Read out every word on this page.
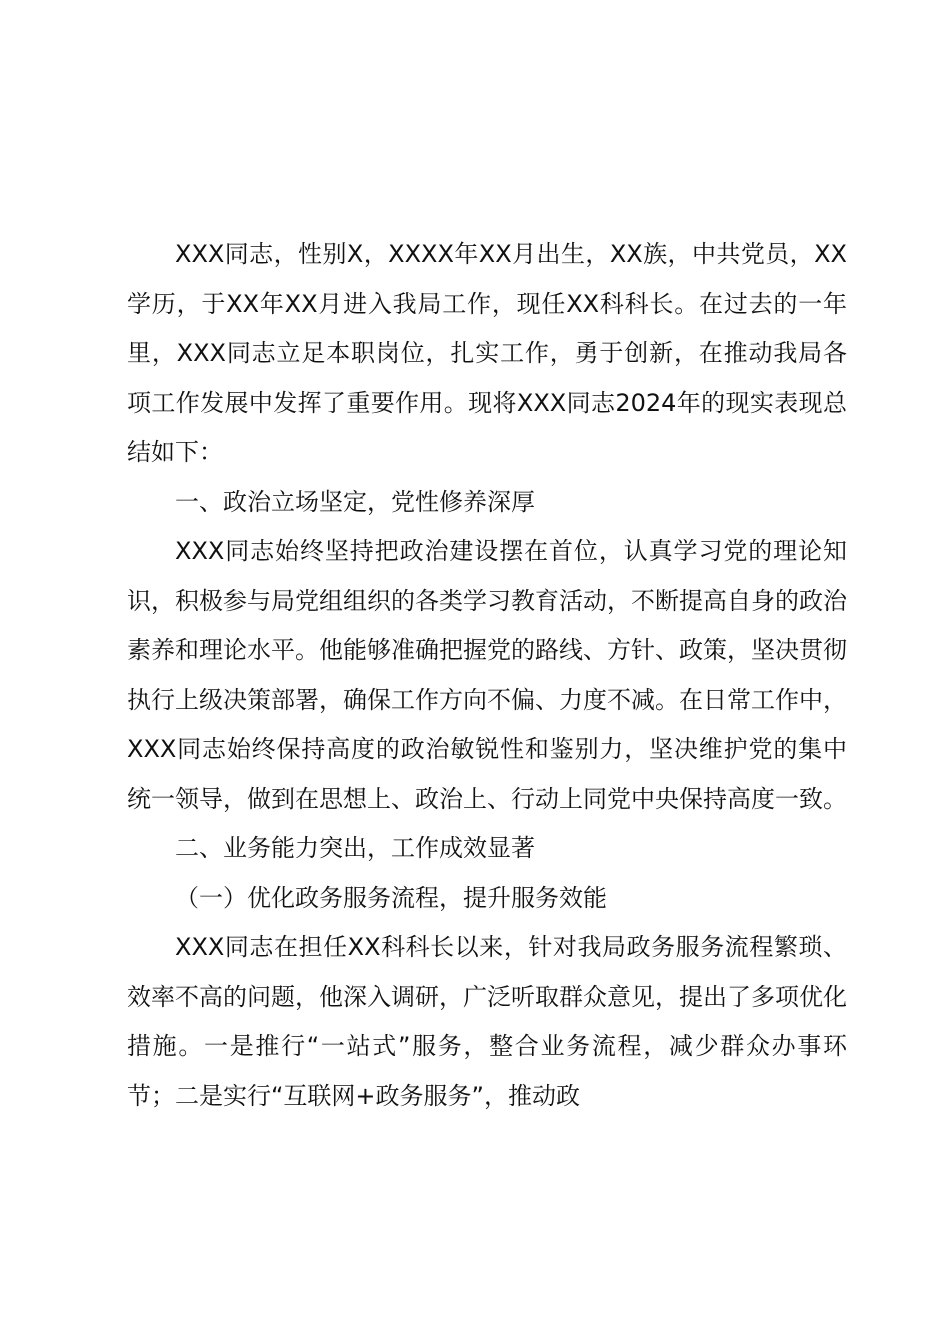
XXX同志，性别X，XXXX年XX月出生，XX族，中共党员，XX学历，于XX年XX月进入我局工作，现任XX科科长。在过去的一年里，XXX同志立足本职岗位，扎实工作，勇于创新，在推动我局各项工作发展中发挥了重要作用。现将XXX同志2024年的现实表现总结如下：

一、政治立场坚定，党性修养深厚

XXX同志始终坚持把政治建设摆在首位，认真学习党的理论知识，积极参与局党组组织的各类学习教育活动，不断提高自身的政治素养和理论水平。他能够准确把握党的路线、方针、政策，坚决贯彻执行上级决策部署，确保工作方向不偏、力度不减。在日常工作中，XXX同志始终保持高度的政治敏锐性和鉴别力，坚决维护党的集中统一领导，做到在思想上、政治上、行动上同党中央保持高度一致。

二、业务能力突出，工作成效显著

（一）优化政务服务流程，提升服务效能

XXX同志在担任XX科科长以来，针对我局政务服务流程繁琐、效率不高的问题，他深入调研，广泛听取群众意见，提出了多项优化措施。一是推行“一站式”服务，整合业务流程，减少群众办事环节；二是实行“互联网+政务服务”，推动政
